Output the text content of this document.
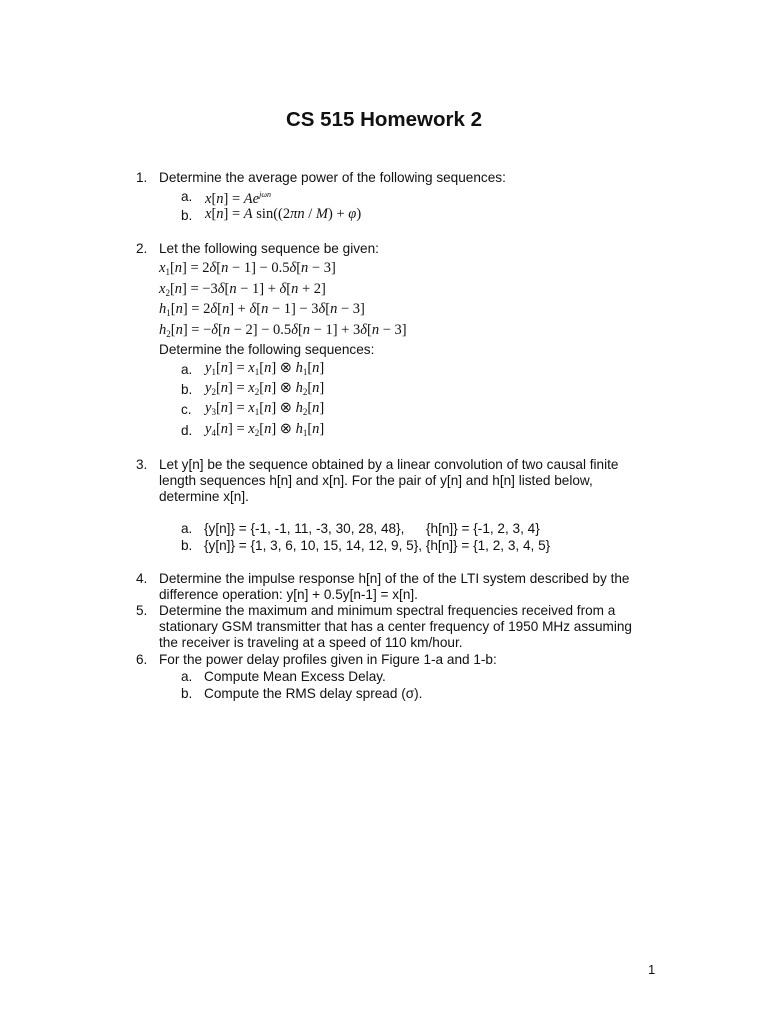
CS 515 Homework 2
1. Determine the average power of the following sequences:
a. $x[n] = Ae^{j\omega n}$
b. x[n] = A sin((2πn / M) + φ)
2. Let the following sequence be given:
$x_1[n] = 2\delta[n - 1] - 0.5\delta[n - 3]$
$x_2[n] = -3\delta[n - 1] + \delta[n + 2]$
$h_1[n] = 2\delta[n] + \delta[n - 1] - 3\delta[n - 3]$
$h_2[n] = -\delta[n - 2] - 0.5\delta[n - 1] + 3\delta[n - 3]$
Determine the following sequences:
a. $y_1[n] = x_1[n]$ ⊗ $h_1[n]$
b. $y_2[n] = x_2[n]$ ⊗ $h_2[n]$
c. $y_3[n] = x_1[n]$ ⊗ $h_2[n]$
d. $y_4[n] = x_2[n]$ ⊗ $h_1[n]$
3. Let y[n] be the sequence obtained by a linear convolution of two causal finite
length sequences h[n] and x[n]. For the pair of y[n] and h[n] listed below,
determine x[n].
a. {y[n]} = {-1, -1, 11, -3, 30, 28, 48}, {h[n]} = {-1, 2, 3, 4}
b. {y[n]} = {1, 3, 6, 10, 15, 14, 12, 9, 5}, {h[n]} = {1, 2, 3, 4, 5}
4. Determine the impulse response h[n] of the of the LTI system described by the
difference operation: y[n] + 0.5y[n-1] = x[n].
5. Determine the maximum and minimum spectral frequencies received from a
stationary GSM transmitter that has a center frequency of 1950 MHz assuming
the receiver is traveling at a speed of 110 km/hour.
6. For the power delay profiles given in Figure 1-a and 1-b:
a. Compute Mean Excess Delay.
b. Compute the RMS delay spread (σ).
1
